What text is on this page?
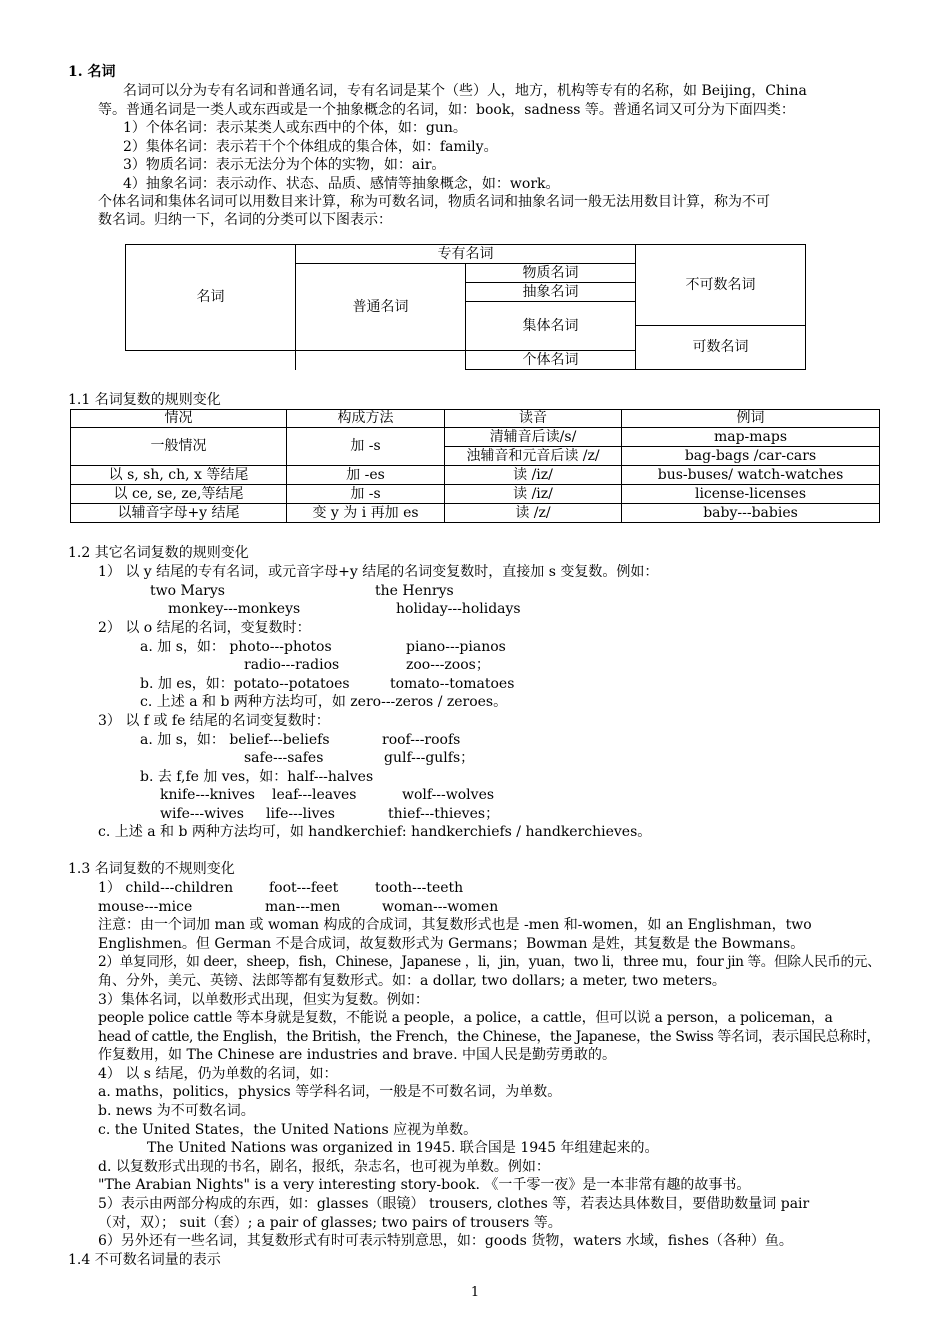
1. 名词
名词可以分为专有名词和普通名词，专有名词是某个（些）人，地方，机构等专有的名称，如 Beijing，China
等。普通名词是一类人或东西或是一个抽象概念的名词，如：book，sadness 等。普通名词又可分为下面四类：
1）个体名词：表示某类人或东西中的个体，如：gun。
2）集体名词：表示若干个个体组成的集合体，如：family。
3）物质名词：表示无法分为个体的实物，如：air。
4）抽象名词：表示动作、状态、品质、感情等抽象概念，如：work。
个体名词和集体名词可以用数目来计算，称为可数名词，物质名词和抽象名词一般无法用数目计算，称为不可
数名词。归纳一下，名词的分类可以下图表示：
名词	专有名词		不可数名词
	普通名词	物质名词	
		抽象名词	
		集体名词	
			可数名词
		个体名词	
1.1 名词复数的规则变化
情况	构成方法	读音	例词
一般情况	加 -s	清辅音后读/s/	map-maps
		浊辅音和元音后读 /z/	bag-bags /car-cars
以 s, sh, ch, x 等结尾	加 -es	读 /iz/	bus-buses/ watch-watches
以 ce, se, ze,等结尾	加 -s	读 /iz/	license-licenses
以辅音字母+y 结尾	变 y 为 i 再加 es	读 /z/	baby---babies
1.2 其它名词复数的规则变化
1） 以 y 结尾的专有名词，或元音字母+y 结尾的名词变复数时，直接加 s 变复数。例如：
two Marys	the Henrys
monkey---monkeys	holiday---holidays
2） 以 o 结尾的名词，变复数时：
a. 加 s，如： photo---photos	piano---pianos
radio---radios	zoo---zoos；
b. 加 es，如：potato--potatoes	tomato--tomatoes
c. 上述 a 和 b 两种方法均可，如 zero---zeros / zeroes。
3） 以 f 或 fe 结尾的名词变复数时：
a. 加 s，如： belief---beliefs	roof---roofs
safe---safes	gulf---gulfs；
b. 去 f,fe 加 ves，如：half---halves
knife---knives leaf---leaves	wolf---wolves
wife---wives life---lives	thief---thieves；
c. 上述 a 和 b 两种方法均可，如 handkerchief: handkerchiefs / handkerchieves。
1.3 名词复数的不规则变化
1） child---children	foot---feet	tooth---teeth
mouse---mice	man---men	woman---women
注意：由一个词加 man 或 woman 构成的合成词，其复数形式也是 -men 和-women，如 an Englishman，two
Englishmen。但 German 不是合成词，故复数形式为 Germans；Bowman 是姓，其复数是 the Bowmans。
2）单复同形，如 deer，sheep，fish，Chinese，Japanese ，li，jin，yuan，two li，three mu，four jin 等。但除人民币的元、
角、分外，美元、英镑、法郎等都有复数形式。如：a dollar, two dollars; a meter, two meters。
3）集体名词，以单数形式出现，但实为复数。例如：
people police cattle 等本身就是复数，不能说 a people，a police，a cattle，但可以说 a person，a policeman，a
head of cattle, the English，the British，the French，the Chinese，the Japanese，the Swiss 等名词，表示国民总称时，
作复数用，如 The Chinese are industries and brave. 中国人民是勤劳勇敢的。
4） 以 s 结尾，仍为单数的名词，如：
a. maths，politics，physics 等学科名词，一般是不可数名词，为单数。
b. news 为不可数名词。
c. the United States，the United Nations 应视为单数。
The United Nations was organized in 1945. 联合国是 1945 年组建起来的。
d. 以复数形式出现的书名，剧名，报纸，杂志名，也可视为单数。例如：
"The Arabian Nights" is a very interesting story-book. 《一千零一夜》是一本非常有趣的故事书。
5）表示由两部分构成的东西，如：glasses（眼镜） trousers, clothes 等，若表达具体数目，要借助数量词 pair
（对，双）； suit（套）; a pair of glasses; two pairs of trousers 等。
6）另外还有一些名词，其复数形式有时可表示特别意思，如：goods 货物，waters 水域，fishes（各种）鱼。
1.4 不可数名词量的表示
1
